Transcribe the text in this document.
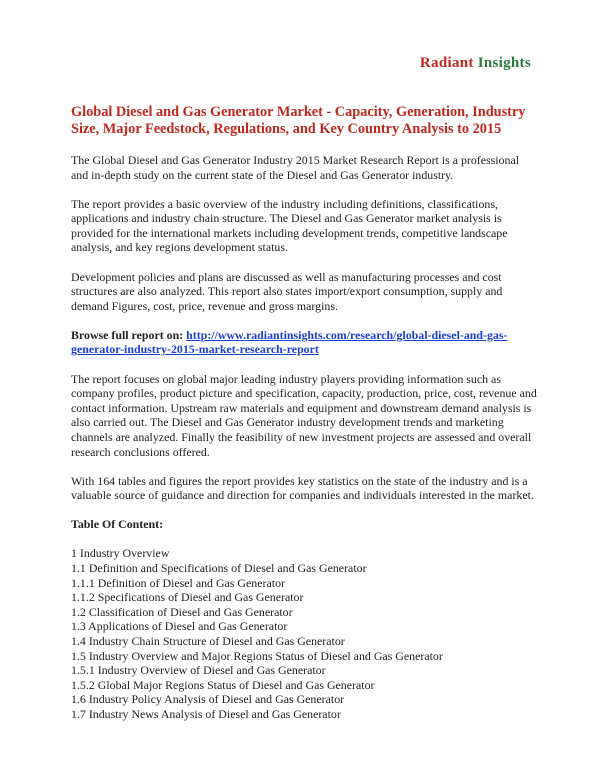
Radiant Insights
Global Diesel and Gas Generator Market - Capacity, Generation, Industry Size, Major Feedstock, Regulations, and Key Country Analysis to 2015

The Global Diesel and Gas Generator Industry 2015 Market Research Report is a professional and in-depth study on the current state of the Diesel and Gas Generator industry.

The report provides a basic overview of the industry including definitions, classifications, applications and industry chain structure. The Diesel and Gas Generator market analysis is provided for the international markets including development trends, competitive landscape analysis, and key regions development status.

Development policies and plans are discussed as well as manufacturing processes and cost structures are also analyzed. This report also states import/export consumption, supply and demand Figures, cost, price, revenue and gross margins.

Browse full report on: http://www.radiantinsights.com/research/global-diesel-and-gas-generator-industry-2015-market-research-report

The report focuses on global major leading industry players providing information such as company profiles, product picture and specification, capacity, production, price, cost, revenue and contact information. Upstream raw materials and equipment and downstream demand analysis is also carried out. The Diesel and Gas Generator industry development trends and marketing channels are analyzed. Finally the feasibility of new investment projects are assessed and overall research conclusions offered.

With 164 tables and figures the report provides key statistics on the state of the industry and is a valuable source of guidance and direction for companies and individuals interested in the market.

Table Of Content:
1 Industry Overview
1.1 Definition and Specifications of Diesel and Gas Generator
1.1.1 Definition of Diesel and Gas Generator
1.1.2 Specifications of Diesel and Gas Generator
1.2 Classification of Diesel and Gas Generator
1.3 Applications of Diesel and Gas Generator
1.4 Industry Chain Structure of Diesel and Gas Generator
1.5 Industry Overview and Major Regions Status of Diesel and Gas Generator
1.5.1 Industry Overview of Diesel and Gas Generator
1.5.2 Global Major Regions Status of Diesel and Gas Generator
1.6 Industry Policy Analysis of Diesel and Gas Generator
1.7 Industry News Analysis of Diesel and Gas Generator
